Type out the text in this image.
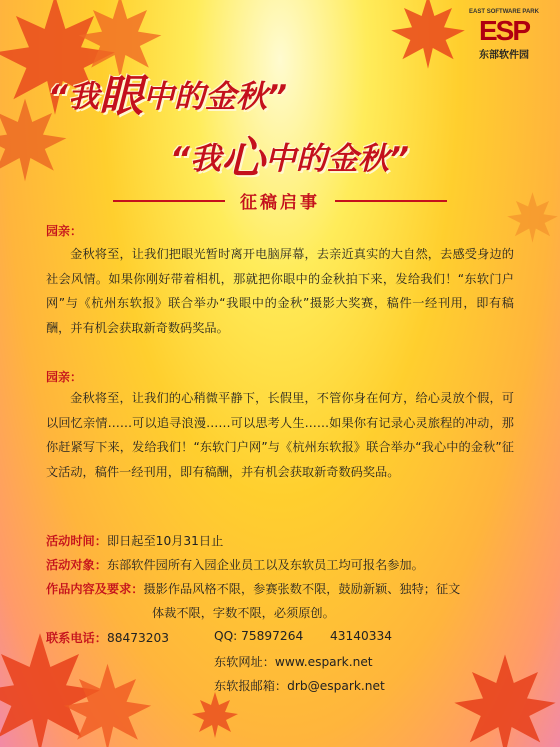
EAST SOFTWARE PARK
ESP
东部软件园
“我眼中的金秋”
“我心中的金秋”
征稿启事
园亲：
金秋将至，让我们把眼光暂时离开电脑屏幕，去亲近真实的大自然，去感受身边的社会风情。如果你刚好带着相机，那就把你眼中的金秋拍下来，发给我们！“东软门户网”与《杭州东软报》联合举办“我眼中的金秋”摄影大奖赛，稿件一经刊用，即有稿酬，并有机会获取新奇数码奖品。
园亲：
金秋将至，让我们的心稍微平静下，长假里，不管你身在何方，给心灵放个假，可以回忆亲情……可以追寻浪漫……可以思考人生……如果你有记录心灵旅程的冲动，那你赶紧写下来，发给我们！“东软门户网”与《杭州东软报》联合举办“我心中的金秋”征文活动，稿件一经刊用，即有稿酬，并有机会获取新奇数码奖品。
活动时间：即日起至10月31日止
活动对象：东部软件园所有入园企业员工以及东软员工均可报名参加。
作品内容及要求：摄影作品风格不限，参赛张数不限，鼓励新颖、独特；征文
体裁不限，字数不限，必须原创。
联系电话：88473203	QQ: 75897264 43140334
东软网址：www.espark.net
东软报邮箱：drb@espark.net
